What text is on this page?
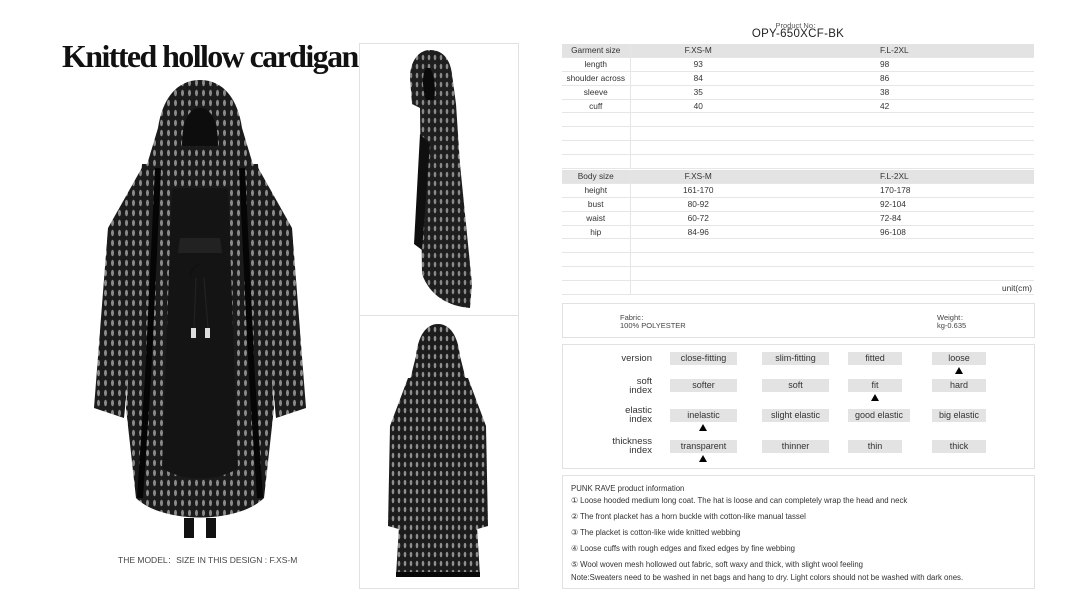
Knitted hollow cardigan
THE MODEL：SIZE IN THIS DESIGN : F.XS-M
Product No：
OPY-650XCF-BK
Garment size	F.XS-M		F.L-2XL
length	93		98
shoulder across	84		86
sleeve	35		38
cuff	40		42

Body size	F.XS-M		F.L-2XL
height	161-170		170-178
bust	80-92		92-104
waist	60-72		72-84
hip	84-96		96-108

			unit(cm)
Fabric：
100% POLYESTER
Weight：
kg-0.635
version	close-fitting	slim-fitting	fitted	loose
soft
index	softer	soft	fit	hard
elastic
index	inelastic	slight elastic	good elastic	big elastic
thickness
index	transparent	thinner	thin	thick
PUNK RAVE product information
① Loose hooded medium long coat. The hat is loose and can completely wrap the head and neck
② The front placket has a horn buckle with cotton-like manual tassel
③ The placket is cotton-like wide knitted webbing
④ Loose cuffs with rough edges and fixed edges by fine webbing
⑤ Wool woven mesh hollowed out fabric, soft waxy and thick, with slight wool feeling
Note:Sweaters need to be washed in net bags and hang to dry. Light colors should not be washed with dark ones.
